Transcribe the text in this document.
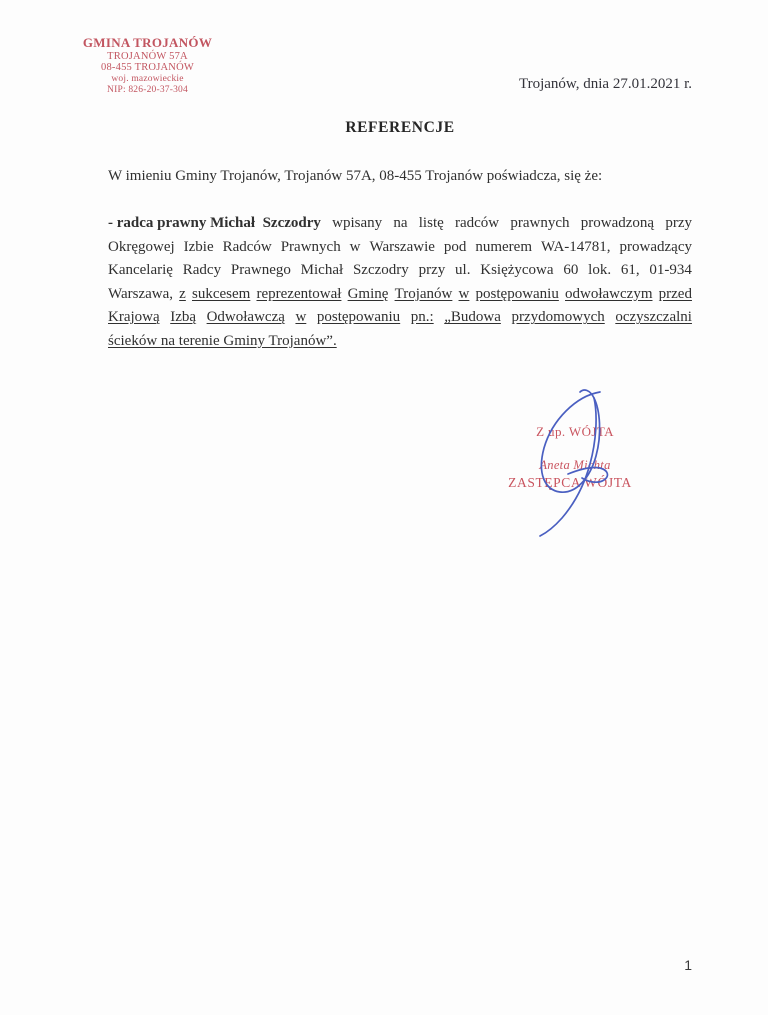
GMINA TROJANÓW
TROJANÓW 57A
08-455 TROJANÓW
woj. mazowieckie
NIP: 826-20-37-304	Trojanów, dnia 27.01.2021 r.
REFERENCJE
W imieniu Gminy Trojanów, Trojanów 57A, 08-455 Trojanów poświadcza, się że:
- radca prawny Michał  Szczodry wpisany na listę radców prawnych prowadzoną przy
Okręgowej Izbie Radców Prawnych w Warszawie pod numerem WA-14781, prowadzący
Kancelarię Radcy Prawnego Michał Szczodry przy ul. Księżycowa 60 lok. 61, 01-934
Warszawa, z sukcesem reprezentował Gminę Trojanów w postępowaniu odwoławczym przed
Krajową Izbą Odwoławczą w postępowaniu pn.: „Budowa przydomowych oczyszczalni
ścieków na terenie Gminy Trojanów”.
Z up. WÓJTA
Aneta Michta
ZASTĘPCA WÓJTA
1
